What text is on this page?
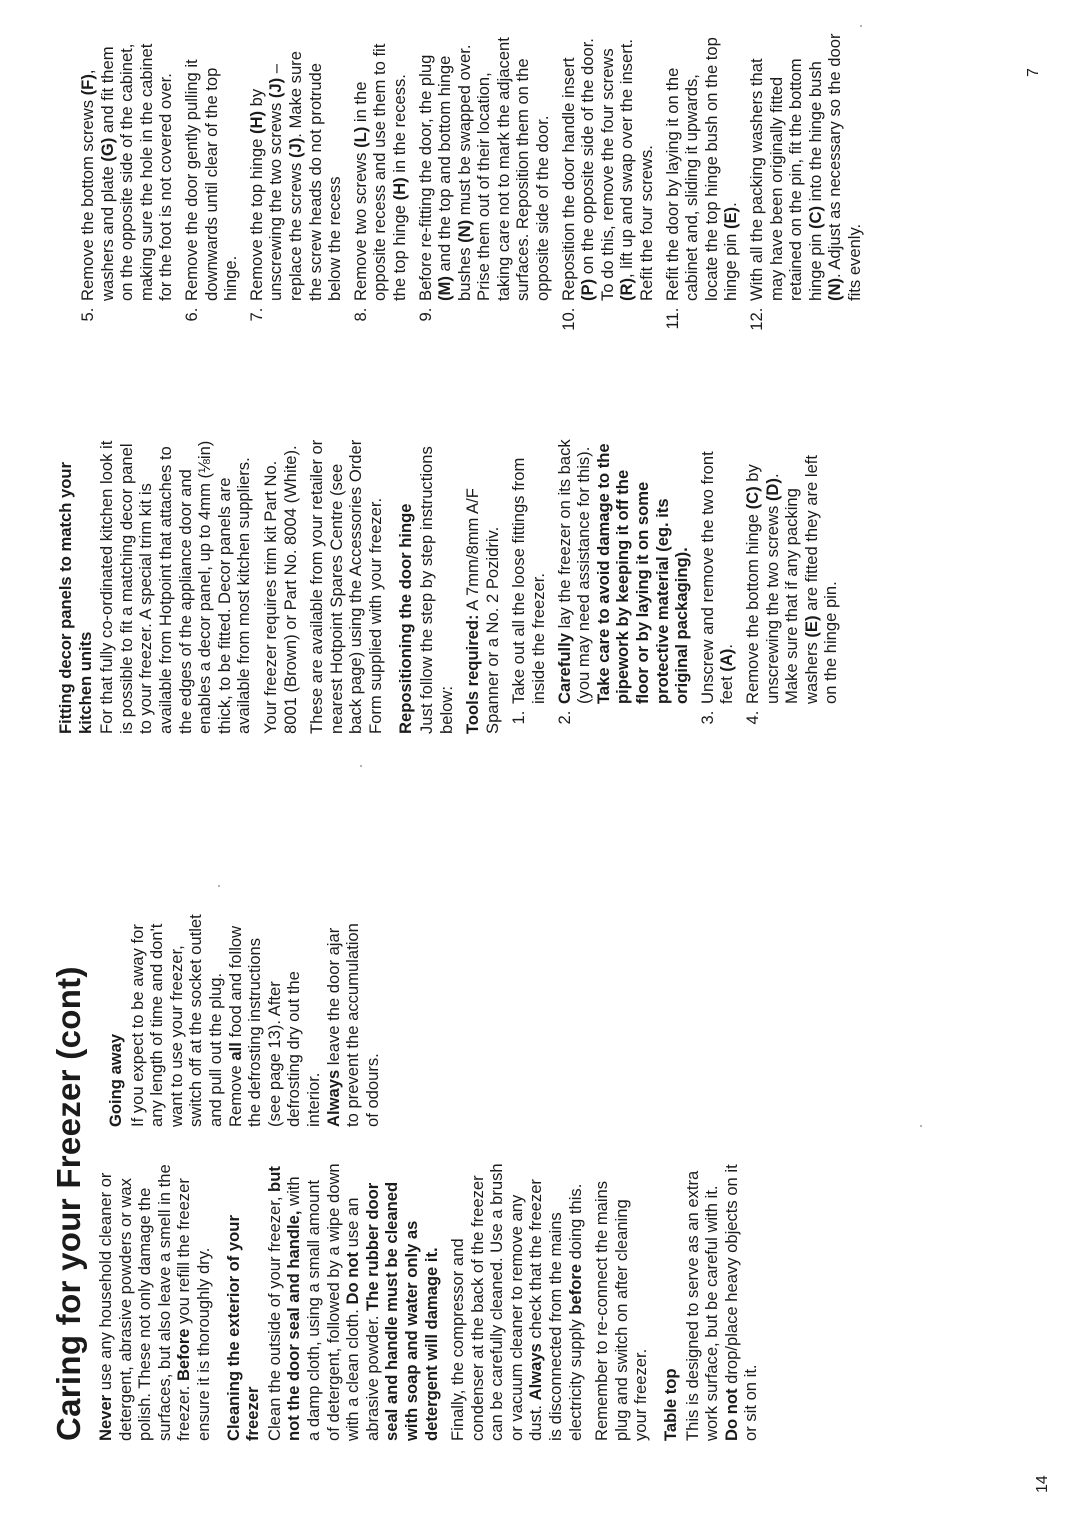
Caring for your Freezer (cont)

Never use any household cleaner or detergent, abrasive powders or wax polish. These not only damage the surfaces, but also leave a smell in the freezer. Before you refill the freezer ensure it is thoroughly dry. Cleaning the exterior of your freezer Clean the outside of your freezer, but not the door seal and handle, with a damp cloth, using a small amount of detergent, followed by a wipe down with a clean cloth. Do not use an abrasive powder. The rubber door seal and handle must be cleaned with soap and water only as detergent will damage it. Finally, the compressor and condenser at the back of the freezer can be carefully cleaned. Use a brush or vacuum cleaner to remove any dust. Always check that the freezer is disconnected from the mains electricity supply before doing this. Remember to re-connect the mains plug and switch on after cleaning your freezer. Table top This is designed to serve as an extra work surface, but be careful with it.
Do not drop/place heavy objects on it or sit on it.

Going away If you expect to be away for any length of time and don't want to use your freezer, switch off at the socket outlet and pull out the plug. Remove all food and follow the defrosting instructions (see page 13). After defrosting dry out the interior.
Always leave the door ajar to prevent the accumulation of odours.

Fitting decor panels to match your kitchen units For that fully co-ordinated kitchen look it is possible to fit a matching decor panel to your freezer. A special trim kit is available from Hotpoint that attaches to the edges of the appliance door and enables a decor panel, up to 4mm (⅛in) thick, to be fitted. Decor panels are available from most kitchen suppliers. Your freezer requires trim kit Part No. 8001 (Brown) or Part No. 8004 (White). These are available from your retailer or nearest Hotpoint Spares Centre (see back page) using the Accessories Order Form supplied with your freezer. Repositioning the door hinge Just follow the step by step instructions below: Tools required: A 7mm/8mm A/F Spanner or a No. 2 Pozidriv. 1. Take out all the loose fittings from inside the freezer. 2. Carefully lay the freezer on its back (you may need assistance for this). Take care to avoid damage to the pipework by keeping it off the floor or by laying it on some protective material (eg. its original packaging). 3. Unscrew and remove the two front feet (A). 4. Remove the bottom hinge (C) by unscrewing the two screws (D). Make sure that if any packing washers (E) are fitted they are left on the hinge pin.
5. Remove the bottom screws (F), washers and plate (G) and fit them on the opposite side of the cabinet, making sure the hole in the cabinet for the foot is not covered over. 6. Remove the door gently pulling it downwards until clear of the top hinge. 7. Remove the top hinge (H) by unscrewing the two screws (J) – replace the screws (J). Make sure the screw heads do not protrude below the recess 8. Remove two screws (L) in the opposite recess and use them to fit the top hinge (H) in the recess. 9. Before re-fitting the door, the plug (M) and the top and bottom hinge bushes (N) must be swapped over. Prise them out of their location, taking care not to mark the adjacent surfaces. Reposition them on the opposite side of the door. 10. Reposition the door handle insert (P) on the opposite side of the door. To do this, remove the four screws (R), lift up and swap over the insert. Refit the four screws. 11. Refit the door by laying it on the cabinet and, sliding it upwards, locate the top hinge bush on the top hinge pin (E). 12. With all the packing washers that may have been originally fitted retained on the pin, fit the bottom hinge pin (C) into the hinge bush (N). Adjust as necessary so the door fits evenly.
14
7
